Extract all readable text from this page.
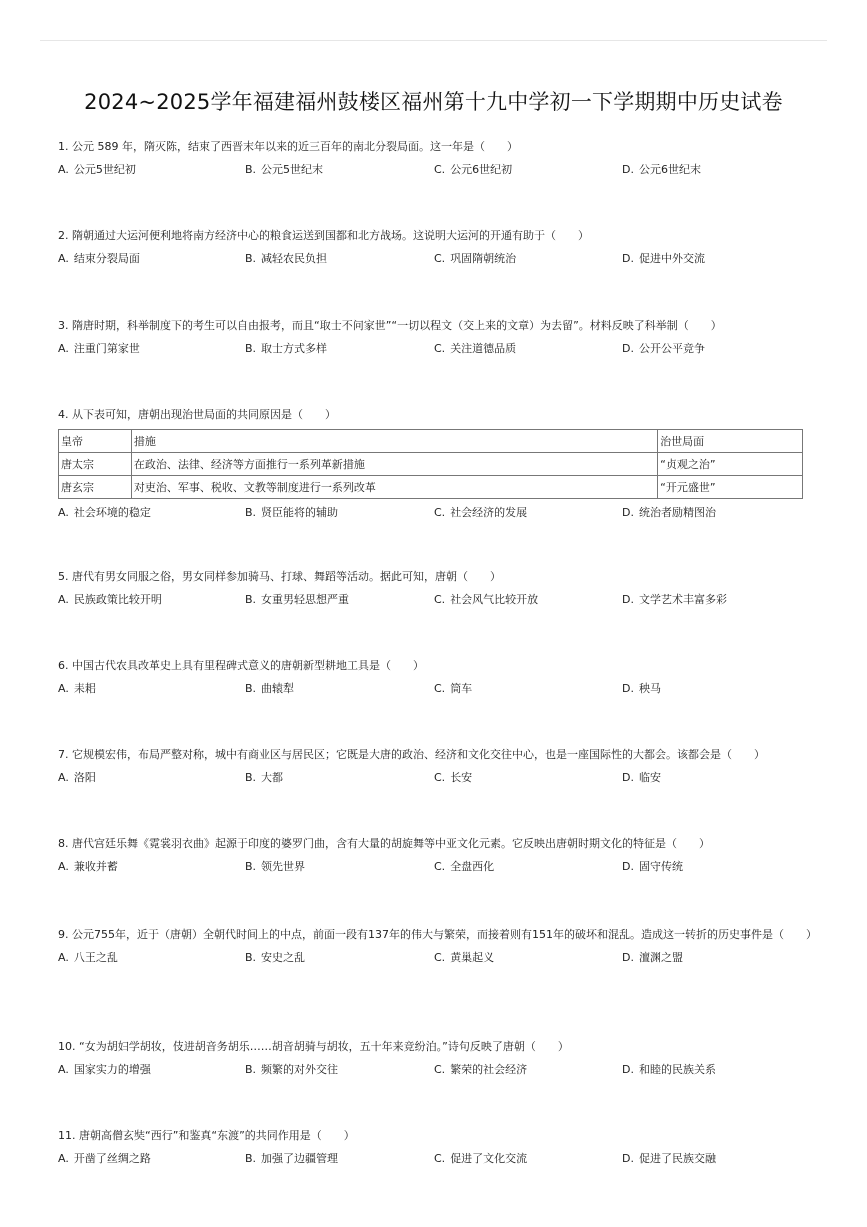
2024~2025学年福建福州鼓楼区福州第十九中学初一下学期期中历史试卷
1. 公元 589 年，隋灭陈，结束了西晋末年以来的近三百年的南北分裂局面。这一年是（　　）
A. 公元5世纪初	B. 公元5世纪末	C. 公元6世纪初	D. 公元6世纪末
2. 隋朝通过大运河便利地将南方经济中心的粮食运送到国都和北方战场。这说明大运河的开通有助于（　　）
A. 结束分裂局面	B. 减轻农民负担	C. 巩固隋朝统治	D. 促进中外交流
3. 隋唐时期，科举制度下的考生可以自由报考，而且“取士不问家世”“一切以程文（交上来的文章）为去留”。材料反映了科举制（　　）
A. 注重门第家世	B. 取士方式多样	C. 关注道德品质	D. 公开公平竞争
4. 从下表可知，唐朝出现治世局面的共同原因是（　　）
皇帝	措施	治世局面
唐太宗	在政治、法律、经济等方面推行一系列革新措施	“贞观之治”
唐玄宗	对吏治、军事、税收、文教等制度进行一系列改革	“开元盛世”
A. 社会环境的稳定	B. 贤臣能将的辅助	C. 社会经济的发展	D. 统治者励精图治
5. 唐代有男女同服之俗，男女同样参加骑马、打球、舞蹈等活动。据此可知，唐朝（　　）
A. 民族政策比较开明	B. 女重男轻思想严重	C. 社会风气比较开放	D. 文学艺术丰富多彩
6. 中国古代农具改革史上具有里程碑式意义的唐朝新型耕地工具是（　　）
A. 耒耜	B. 曲辕犁	C. 筒车	D. 秧马
7. 它规模宏伟，布局严整对称，城中有商业区与居民区；它既是大唐的政治、经济和文化交往中心，也是一座国际性的大都会。该都会是（　　）
A. 洛阳	B. 大都	C. 长安	D. 临安
8. 唐代宫廷乐舞《霓裳羽衣曲》起源于印度的婆罗门曲，含有大量的胡旋舞等中亚文化元素。它反映出唐朝时期文化的特征是（　　）
A. 兼收并蓄	B. 领先世界	C. 全盘西化	D. 固守传统
9. 公元755年，近于（唐朝）全朝代时间上的中点，前面一段有137年的伟大与繁荣，而接着则有151年的破坏和混乱。造成这一转折的历史事件是（　　）
A. 八王之乱	B. 安史之乱	C. 黄巢起义	D. 澶渊之盟
10. “女为胡妇学胡妆，伎进胡音务胡乐……胡音胡骑与胡妆，五十年来竞纷泊。”诗句反映了唐朝（　　）
A. 国家实力的增强	B. 频繁的对外交往	C. 繁荣的社会经济	D. 和睦的民族关系
11. 唐朝高僧玄奘“西行”和鉴真“东渡”的共同作用是（　　）
A. 开凿了丝绸之路	B. 加强了边疆管理	C. 促进了文化交流	D. 促进了民族交融
